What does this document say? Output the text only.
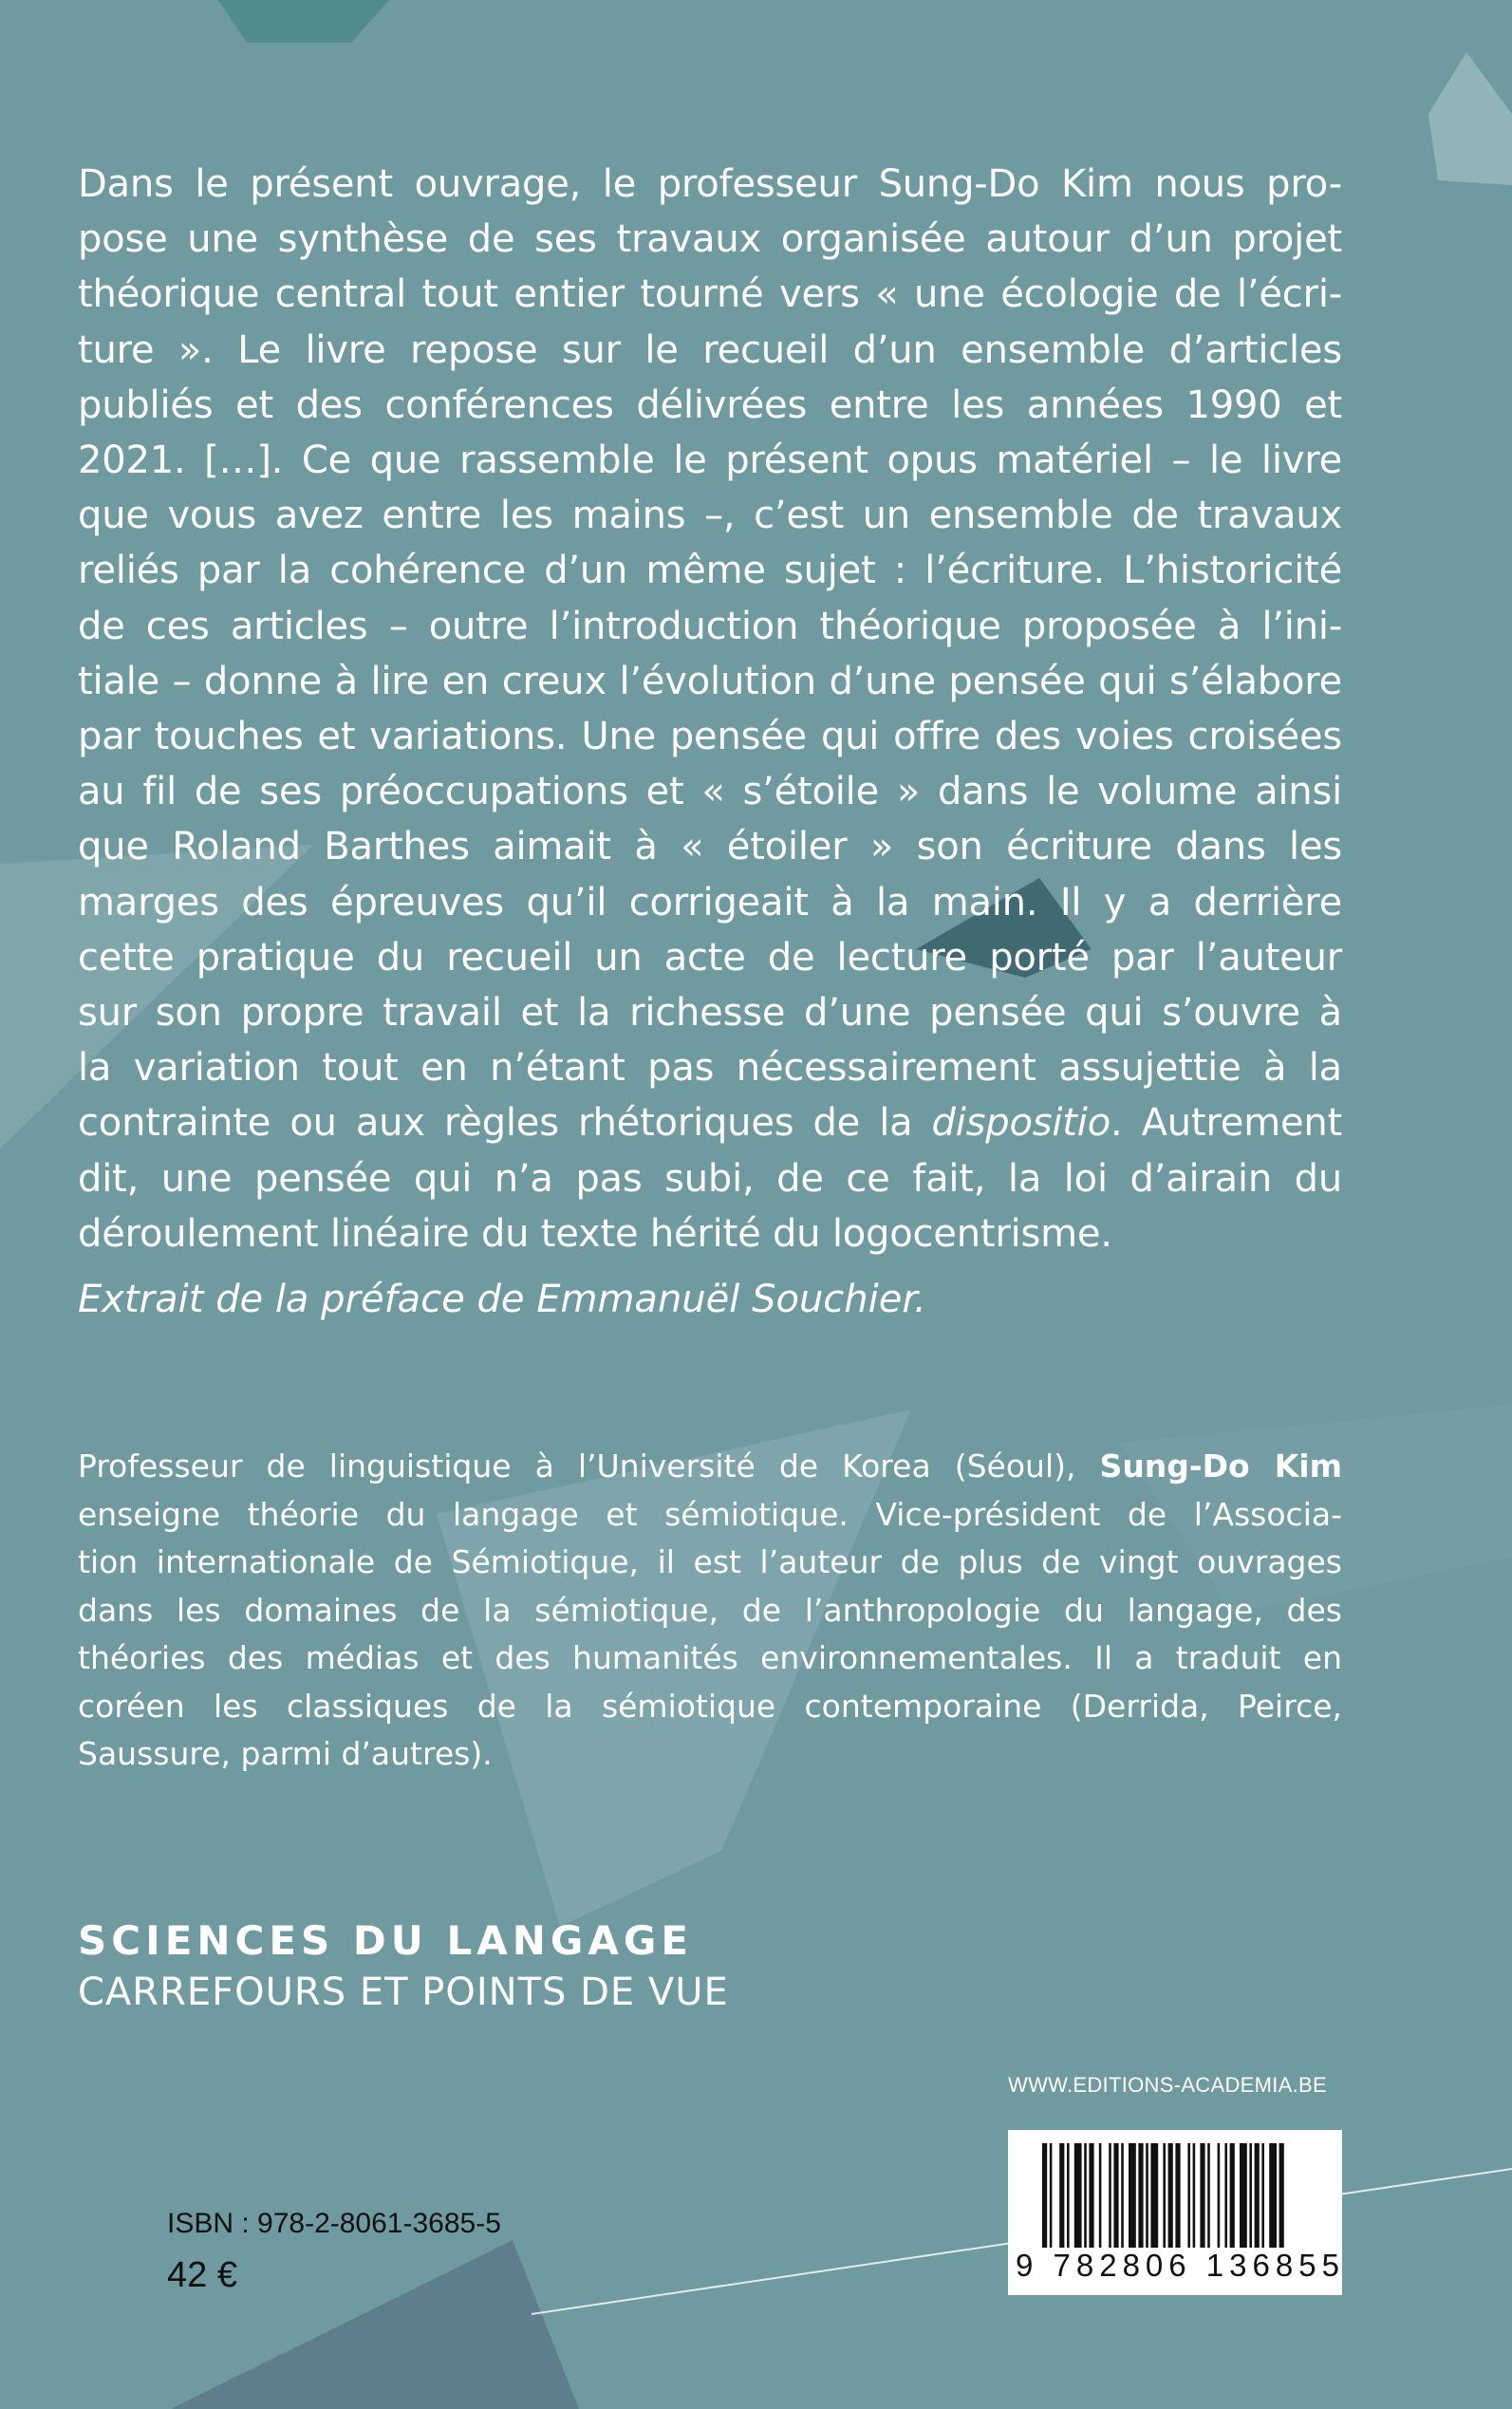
Dans le présent ouvrage, le professeur Sung-Do Kim nous pro-
pose une synthèse de ses travaux organisée autour d’un projet
théorique central tout entier tourné vers « une écologie de l’écri-
ture ». Le livre repose sur le recueil d’un ensemble d’articles
publiés et des conférences délivrées entre les années 1990 et
2021. […]. Ce que rassemble le présent opus matériel – le livre
que vous avez entre les mains –, c’est un ensemble de travaux
reliés par la cohérence d’un même sujet : l’écriture. L’historicité
de ces articles – outre l’introduction théorique proposée à l’ini-
tiale – donne à lire en creux l’évolution d’une pensée qui s’élabore
par touches et variations. Une pensée qui offre des voies croisées
au fil de ses préoccupations et « s’étoile » dans le volume ainsi
que Roland Barthes aimait à « étoiler » son écriture dans les
marges des épreuves qu’il corrigeait à la main. Il y a derrière
cette pratique du recueil un acte de lecture porté par l’auteur
sur son propre travail et la richesse d’une pensée qui s’ouvre à
la variation tout en n’étant pas nécessairement assujettie à la
contrainte ou aux règles rhétoriques de la dispositio. Autrement
dit, une pensée qui n’a pas subi, de ce fait, la loi d’airain du
déroulement linéaire du texte hérité du logocentrisme.

Extrait de la préface de Emmanuël Souchier.
Professeur de linguistique à l’Université de Korea (Séoul), Sung-Do Kim
enseigne théorie du langage et sémiotique. Vice-président de l’Associa-
tion internationale de Sémiotique, il est l’auteur de plus de vingt ouvrages
dans les domaines de la sémiotique, de l’anthropologie du langage, des
théories des médias et des humanités environnementales. Il a traduit en
coréen les classiques de la sémiotique contemporaine (Derrida, Peirce,
Saussure, parmi d’autres).
SCIENCES DU LANGAGE
CARREFOURS ET POINTS DE VUE
WWW.EDITIONS-ACADEMIA.BE
9 782806 136855
ISBN : 978-2-8061-3685-5
42 €
